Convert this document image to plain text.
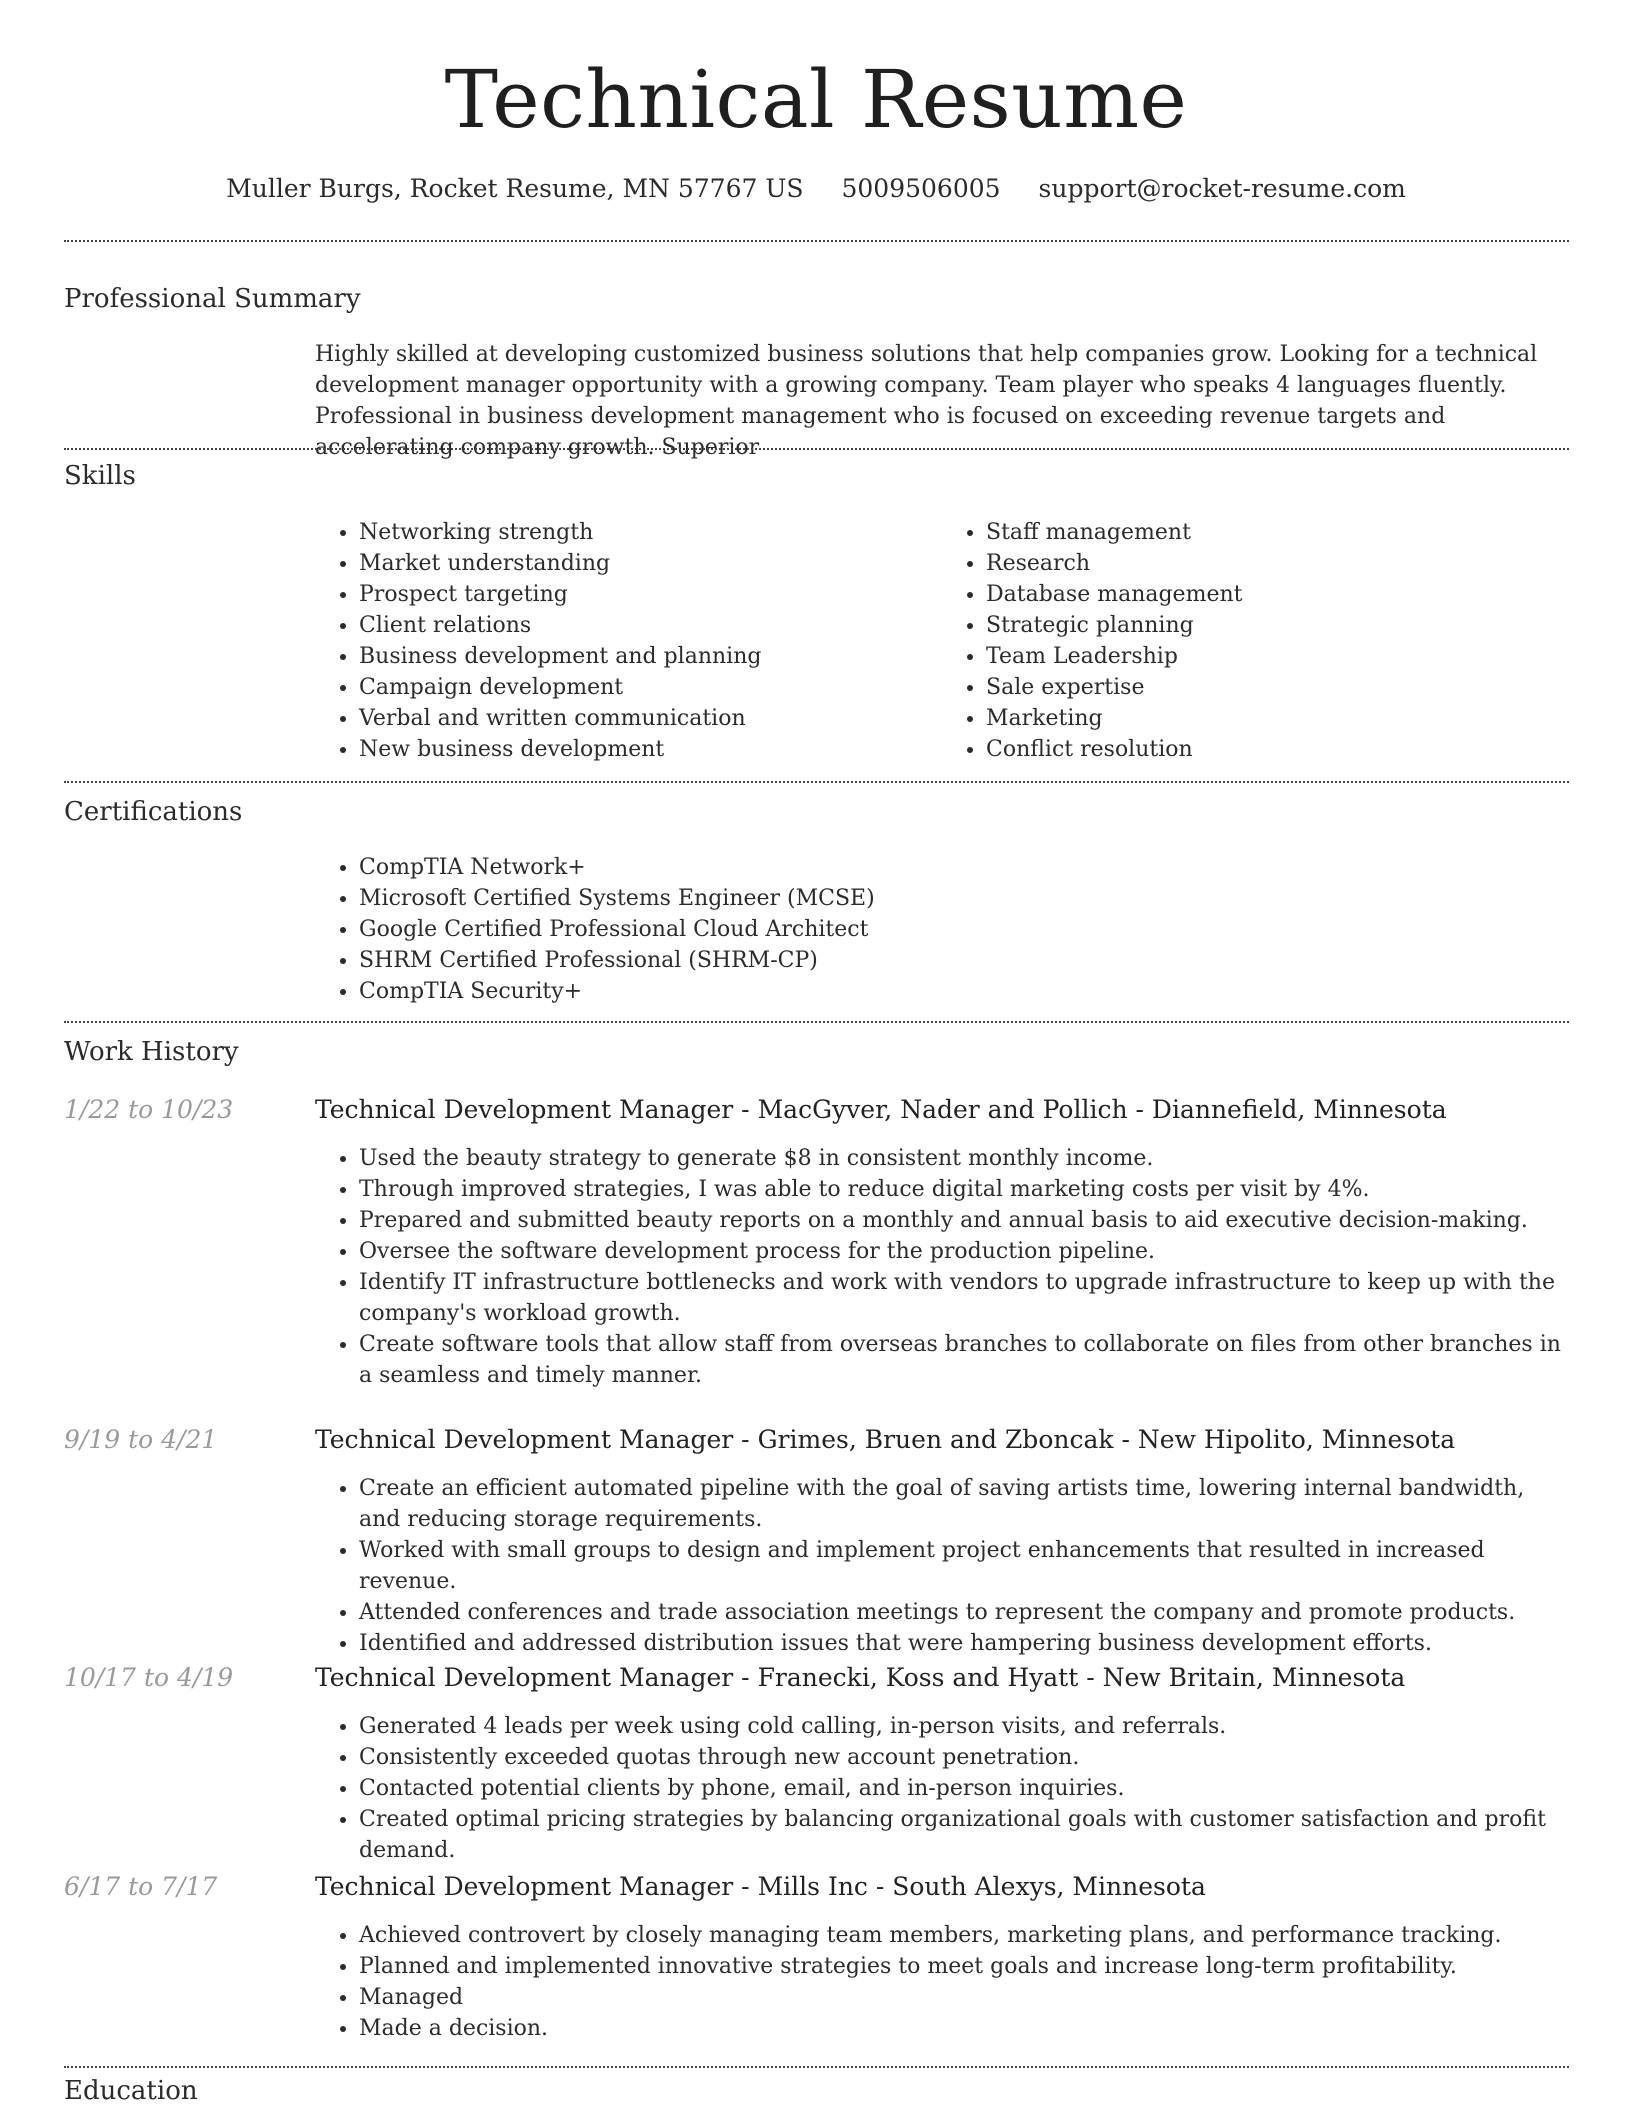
Technical Resume
Muller Burgs, Rocket Resume, MN 57767 US 5009506005 support@rocket-resume.com
Professional Summary

Highly skilled at developing customized business solutions that help companies grow. Looking for a technical development manager opportunity with a growing company. Team player who speaks 4 languages fluently. Professional in business development management who is focused on exceeding revenue targets and accelerating company growth. Superior

Skills
• Networking strength
• Market understanding
• Prospect targeting
• Client relations
• Business development and planning
• Campaign development
• Verbal and written communication
• New business development
• Staff management
• Research
• Database management
• Strategic planning
• Team Leadership
• Sale expertise
• Marketing
• Conflict resolution
Certifications
• CompTIA Network+
• Microsoft Certified Systems Engineer (MCSE)
• Google Certified Professional Cloud Architect
• SHRM Certified Professional (SHRM-CP)
• CompTIA Security+
Work History
1/22 to 10/23	Technical Development Manager - MacGyver, Nader and Pollich - Diannefield, Minnesota
• Used the beauty strategy to generate $8 in consistent monthly income.
• Through improved strategies, I was able to reduce digital marketing costs per visit by 4%.
• Prepared and submitted beauty reports on a monthly and annual basis to aid executive decision-making.
• Oversee the software development process for the production pipeline.
• Identify IT infrastructure bottlenecks and work with vendors to upgrade infrastructure to keep up with the company's workload growth.
• Create software tools that allow staff from overseas branches to collaborate on files from other branches in a seamless and timely manner.
9/19 to 4/21	Technical Development Manager - Grimes, Bruen and Zboncak - New Hipolito, Minnesota
• Create an efficient automated pipeline with the goal of saving artists time, lowering internal bandwidth, and reducing storage requirements.
• Worked with small groups to design and implement project enhancements that resulted in increased revenue.
• Attended conferences and trade association meetings to represent the company and promote products.
• Identified and addressed distribution issues that were hampering business development efforts.
10/17 to 4/19	Technical Development Manager - Franecki, Koss and Hyatt - New Britain, Minnesota
• Generated 4 leads per week using cold calling, in-person visits, and referrals.
• Consistently exceeded quotas through new account penetration.
• Contacted potential clients by phone, email, and in-person inquiries.
• Created optimal pricing strategies by balancing organizational goals with customer satisfaction and profit demand.
6/17 to 7/17	Technical Development Manager - Mills Inc - South Alexys, Minnesota
• Achieved controvert by closely managing team members, marketing plans, and performance tracking.
• Planned and implemented innovative strategies to meet goals and increase long-term profitability.
• Managed
• Made a decision.
Education
